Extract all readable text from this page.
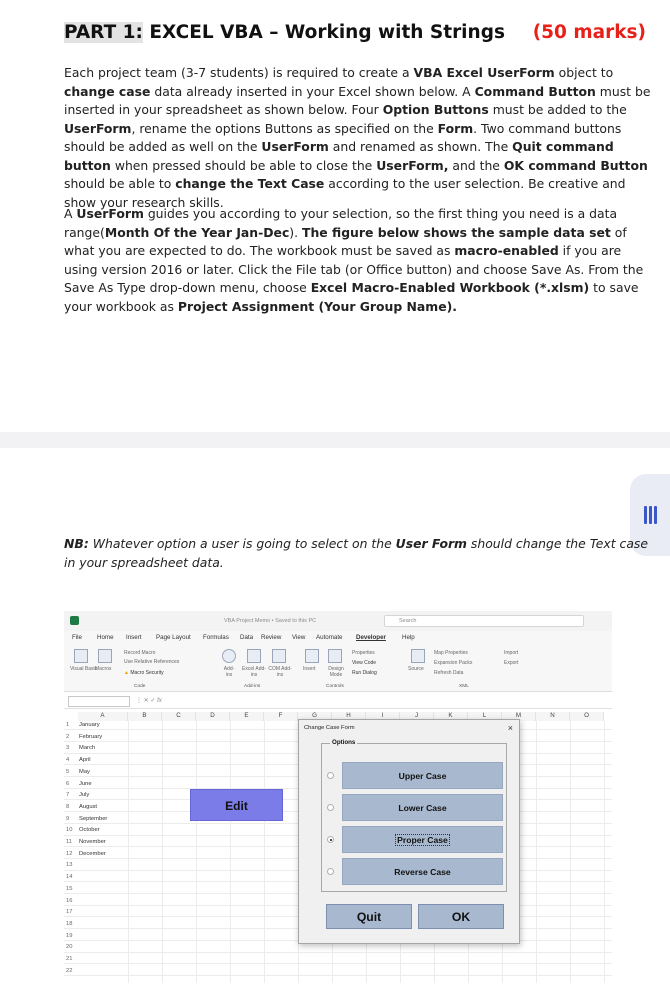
PART 1: EXCEL VBA – Working with Strings (50 marks)
Each project team (3-7 students) is required to create a VBA Excel UserForm object to change case data already inserted in your Excel shown below. A Command Button must be inserted in your spreadsheet as shown below. Four Option Buttons must be added to the UserForm, rename the options Buttons as specified on the Form. Two command buttons should be added as well on the UserForm and renamed as shown. The Quit command button when pressed should be able to close the UserForm, and the OK command Button should be able to change the Text Case according to the user selection. Be creative and show your research skills.
A UserForm guides you according to your selection, so the first thing you need is a data range(Month Of the Year Jan-Dec). The figure below shows the sample data set of what you are expected to do. The workbook must be saved as macro-enabled if you are using version 2016 or later. Click the File tab (or Office button) and choose Save As. From the Save As Type drop-down menu, choose Excel Macro-Enabled Workbook (*.xlsm) to save your workbook as Project Assignment (Your Group Name).
NB: Whatever option a user is going to select on the User Form should change the Text case in your spreadsheet data.
VBA Project Memo • Saved to this PC	Search
File Home Insert Page Layout Formulas Data Review View Automate Developer	Help
Visual Basic
Macros
Record Macro
Use Relative References
▲ Macro Security
Code
Add-ins
Excel Add-ins
COM Add-ins
Add-ins
Insert	Design Mode
Properties
View Code
Run Dialog
Controls
Source
Map Properties
Expansion Packs
Refresh Data
Import
Export
XML
⋮ ✕ ✓ fx
A	B	C	D	E	F	G	H	I	J	K	L	M	N	O
1	January
2	February
3	March
4	April
5	May
6	June
7	July
8	August
9	September
10	October
11	November
12	December
13
14
15
16
17
18
19
20
21
22
Edit
Change Case Form	×
Options
Upper Case
Lower Case
Proper Case
Reverse Case
Quit	OK
